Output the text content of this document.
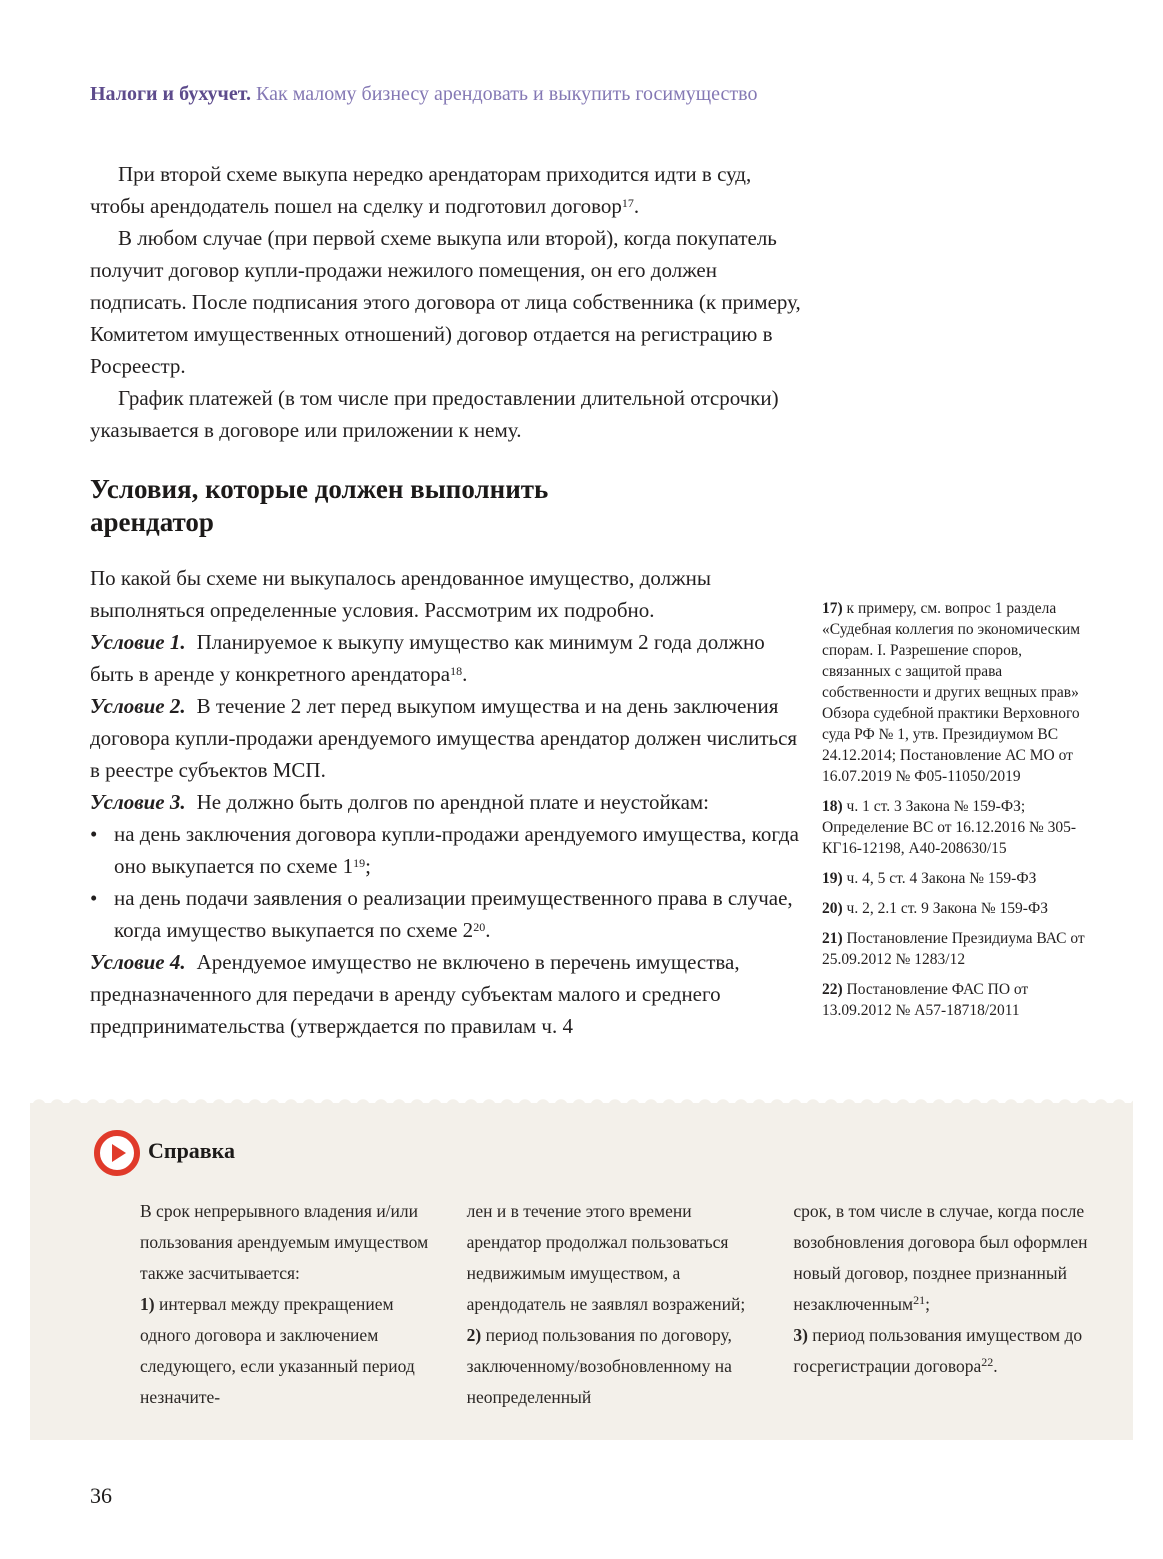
Налоги и бухучет. Как малому бизнесу арендовать и выкупить госимущество

При второй схеме выкупа нередко арендаторам приходится идти в суд, чтобы арендодатель пошел на сделку и подготовил договор$^{17}$.

В любом случае (при первой схеме выкупа или второй), когда покупатель получит договор купли-продажи нежилого помещения, он его должен подписать. После подписания этого договора от лица собственника (к примеру, Комитетом имущественных отношений) договор отдается на регистрацию в Росреестр.

График платежей (в том числе при предоставлении длительной отсрочки) указывается в договоре или приложении к нему.

Условия, которые должен выполнить арендатор

По какой бы схеме ни выкупалось арендованное имущество, должны выполняться определенные условия. Рассмотрим их подробно.

Условие 1. Планируемое к выкупу имущество как минимум 2 года должно быть в аренде у конкретного арендатора$^{18}$.

Условие 2. В течение 2 лет перед выкупом имущества и на день заключения договора купли-продажи арендуемого имущества арендатор должен числиться в реестре субъектов МСП.

Условие 3. Не должно быть долгов по арендной плате и неустойкам:

• на день заключения договора купли-продажи арендуемого имущества, когда оно выкупается по схеме 1$^{19}$;
• на день подачи заявления о реализации преимущественного права в случае, когда имущество выкупается по схеме 2$^{20}$.

Условие 4. Арендуемое имущество не включено в перечень имущества, предназначенного для передачи в аренду субъектам малого и среднего предпринимательства (утверждается по правилам ч. 4

17) к примеру, см. вопрос 1 раздела «Судебная коллегия по экономическим спорам. I. Разрешение споров, связанных с защитой права собственности и других вещных прав» Обзора судебной практики Верховного суда РФ № 1, утв. Президиумом ВС 24.12.2014; Постановление АС МО от 16.07.2019 № Ф05-11050/2019

18) ч. 1 ст. 3 Закона № 159-ФЗ; Определение ВС от 16.12.2016 № 305-КГ16-12198, А40-208630/15

19) ч. 4, 5 ст. 4 Закона № 159-ФЗ

20) ч. 2, 2.1 ст. 9 Закона № 159-ФЗ

21) Постановление Президиума ВАС от 25.09.2012 № 1283/12

22) Постановление ФАС ПО от 13.09.2012 № А57-18718/2011

Справка
В срок непрерывного владения и/или пользования арендуемым имуществом также засчитывается:
1) интервал между прекращением одного договора и заключением следующего, если указанный период незначите-
лен и в течение этого времени арендатор продолжал пользоваться недвижимым имуществом, а арендодатель не заявлял возражений;
2) период пользования по договору, заключенному/возобновленному на неопределенный
срок, в том числе в случае, когда после возобновления договора был оформлен новый договор, позднее признанный незаключенным$^{21}$;
3) период пользования имуществом до госрегистрации договора$^{22}$.
36
